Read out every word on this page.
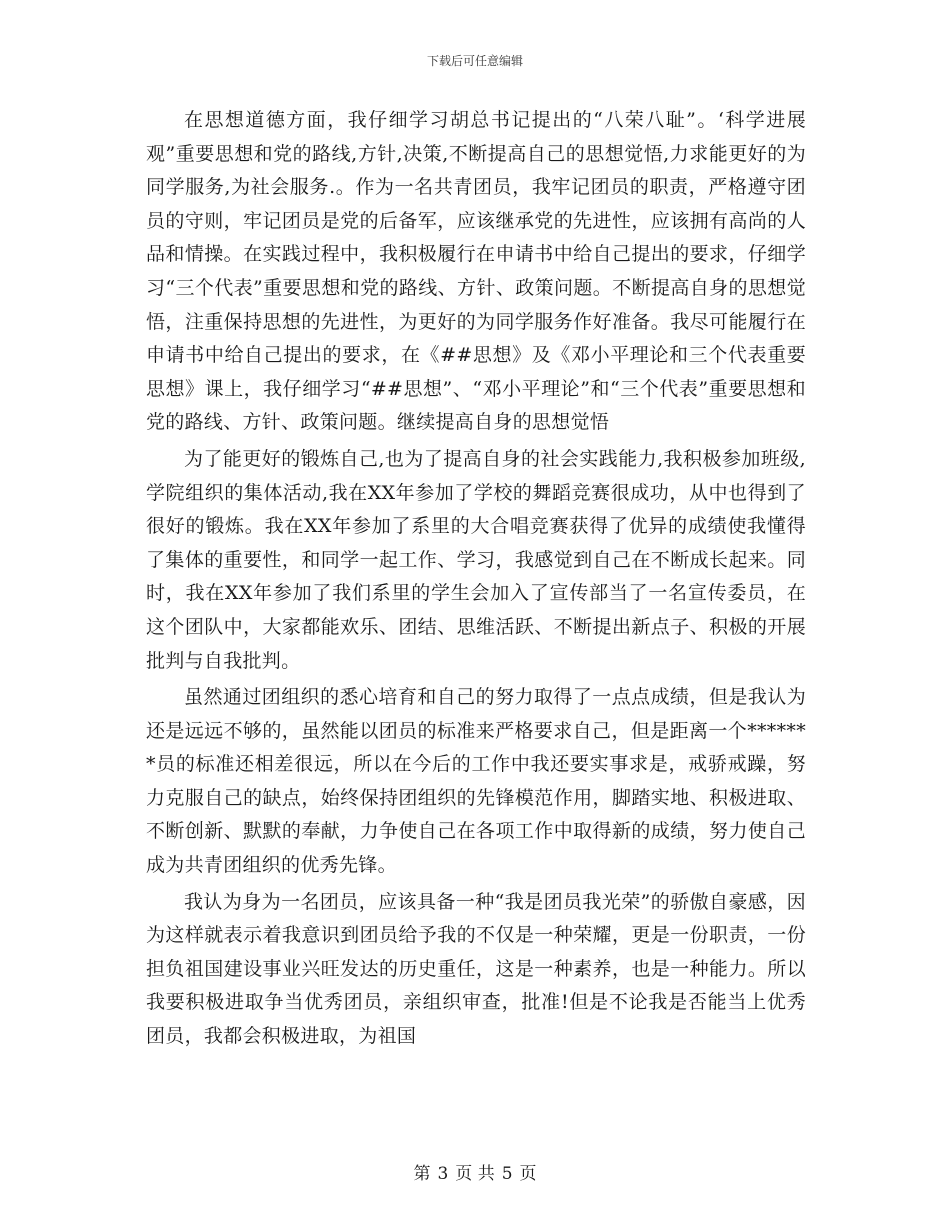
下载后可任意编辑

在思想道德方面，我仔细学习胡总书记提出的“八荣八耻”。‘科学进展观”重要思想和党的路线,方针,决策,不断提高自己的思想觉悟,力求能更好的为同学服务,为社会服务.。作为一名共青团员，我牢记团员的职责，严格遵守团员的守则，牢记团员是党的后备军，应该继承党的先进性，应该拥有高尚的人品和情操。在实践过程中，我积极履行在申请书中给自己提出的要求，仔细学习“三个代表”重要思想和党的路线、方针、政策问题。不断提高自身的思想觉悟，注重保持思想的先进性，为更好的为同学服务作好准备。我尽可能履行在申请书中给自己提出的要求，在《##思想》及《邓小平理论和三个代表重要思想》课上，我仔细学习“##思想”、“邓小平理论”和“三个代表”重要思想和党的路线、方针、政策问题。继续提高自身的思想觉悟

为了能更好的锻炼自己,也为了提高自身的社会实践能力,我积极参加班级,学院组织的集体活动,我在XX年参加了学校的舞蹈竞赛很成功，从中也得到了很好的锻炼。我在XX年参加了系里的大合唱竞赛获得了优异的成绩使我懂得了集体的重要性，和同学一起工作、学习，我感觉到自己在不断成长起来。同时，我在XX年参加了我们系里的学生会加入了宣传部当了一名宣传委员，在这个团队中，大家都能欢乐、团结、思维活跃、不断提出新点子、积极的开展批判与自我批判。

虽然通过团组织的悉心培育和自己的努力取得了一点点成绩，但是我认为还是远远不够的，虽然能以团员的标准来严格要求自己，但是距离一个*******员的标准还相差很远，所以在今后的工作中我还要实事求是，戒骄戒躁，努力克服自己的缺点，始终保持团组织的先锋模范作用，脚踏实地、积极进取、不断创新、默默的奉献，力争使自己在各项工作中取得新的成绩，努力使自己成为共青团组织的优秀先锋。

我认为身为一名团员，应该具备一种“我是团员我光荣”的骄傲自豪感，因为这样就表示着我意识到团员给予我的不仅是一种荣耀，更是一份职责，一份担负祖国建设事业兴旺发达的历史重任，这是一种素养，也是一种能力。所以我要积极进取争当优秀团员，亲组织审查，批准!但是不论我是否能当上优秀团员，我都会积极进取，为祖国

第 3 页 共 5 页
